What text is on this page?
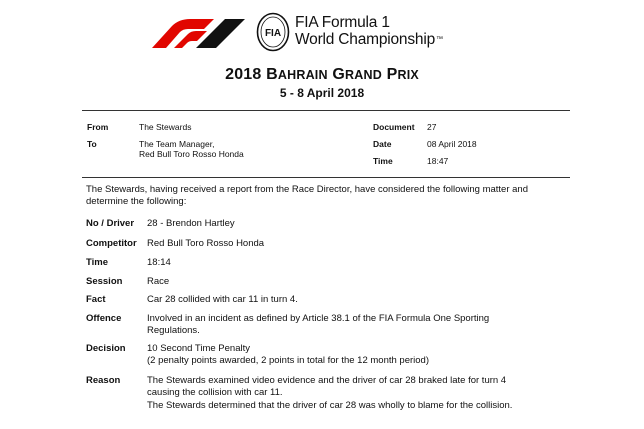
FIA
FIA Formula 1
World Championship™
2018 BAHRAIN GRAND PRIX
5 - 8 April 2018
From	The Stewards
To	The Team Manager,
Red Bull Toro Rosso Honda
Document 27
Date	08 April 2018
Time	18:47
The Stewards, having received a report from the Race Director, have considered the following matter and determine the following:
No / Driver 28 - Brendon Hartley
Competitor Red Bull Toro Rosso Honda
Time	18:14
Session	Race
Fact	Car 28 collided with car 11 in turn 4.
Offence	Involved in an incident as defined by Article 38.1 of the FIA Formula One Sporting Regulations.
Decision 10 Second Time Penalty
(2 penalty points awarded, 2 points in total for the 12 month period)
Reason	The Stewards examined video evidence and the driver of car 28 braked late for turn 4 causing the collision with car 11.
The Stewards determined that the driver of car 28 was wholly to blame for the collision.
